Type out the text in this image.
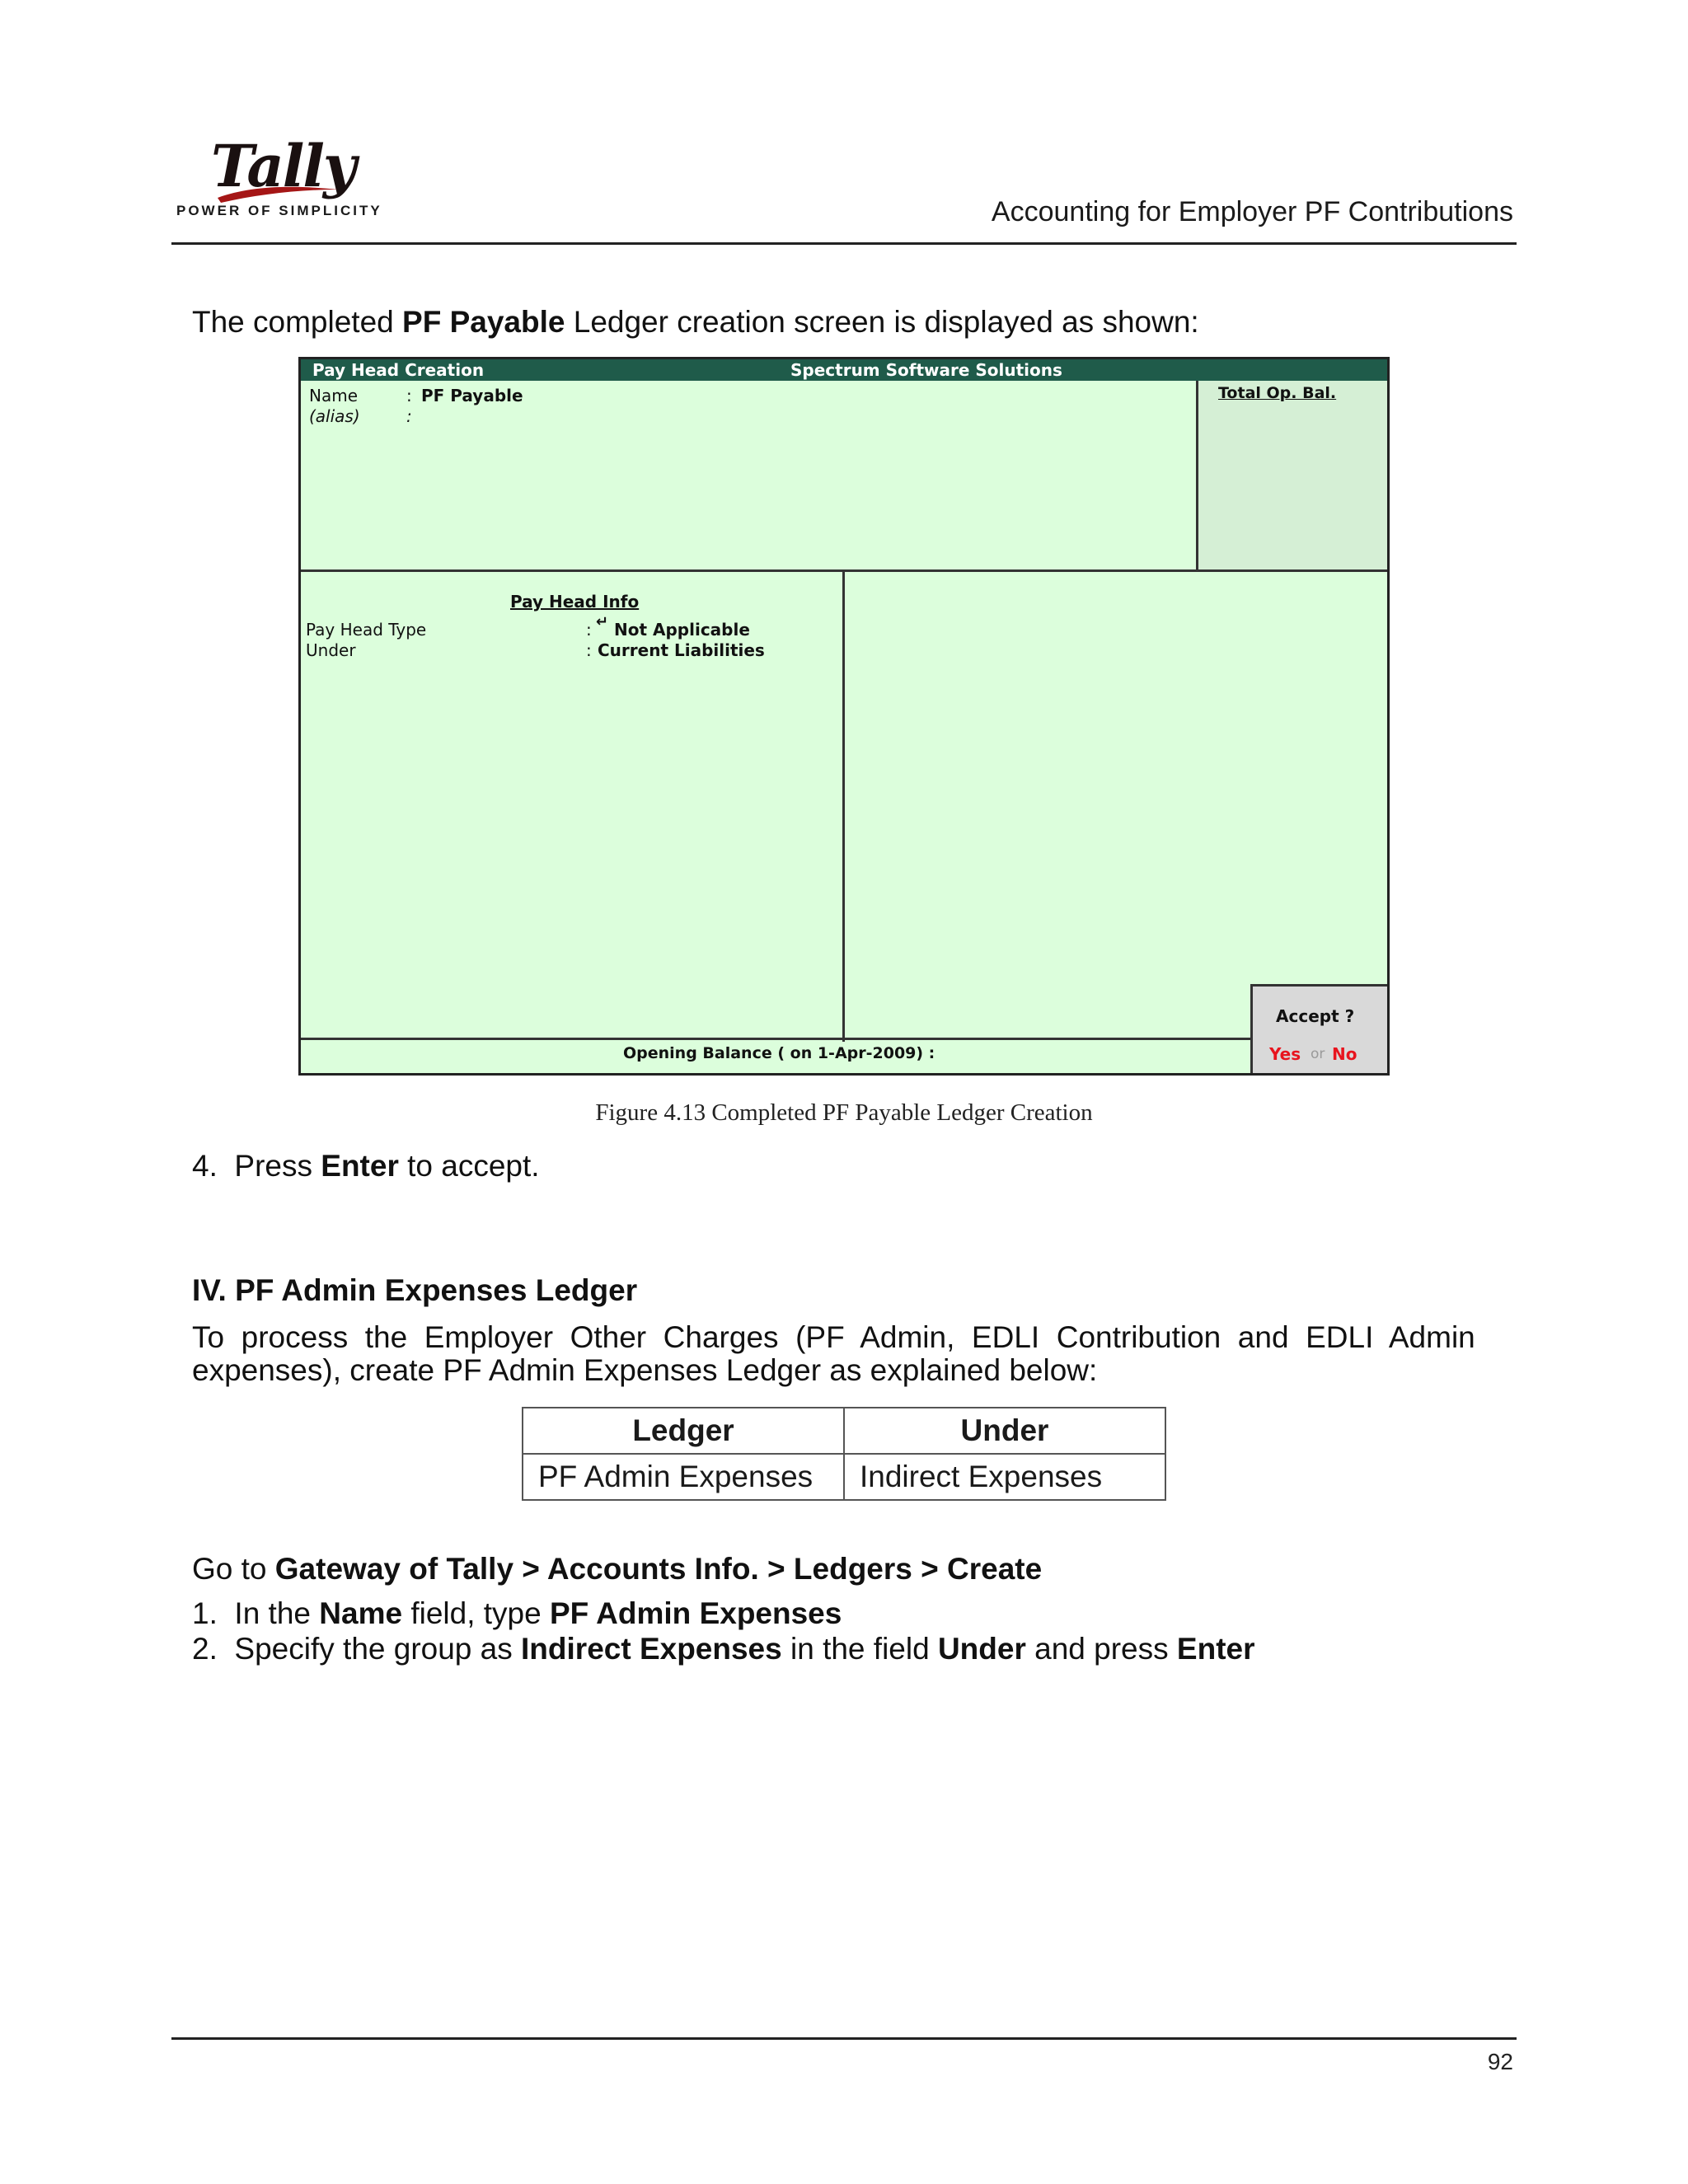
Tally
POWER OF SIMPLICITY	Accounting for Employer PF Contributions
The completed PF Payable Ledger creation screen is displayed as shown:
Pay Head Creation	Spectrum Software Solutions
Name	: PF Payable
(alias)	:
Total Op. Bal.
Pay Head Info
Pay Head Type	: ↵ Not Applicable
Under	: Current Liabilities
Opening Balance ( on 1-Apr-2009) :
Accept ?
Yes or No
Figure 4.13 Completed PF Payable Ledger Creation
4. Press Enter to accept.
IV. PF Admin Expenses Ledger
To  process  the  Employer  Other  Charges  (PF  Admin,  EDLI  Contribution  and  EDLI  Admin
expenses), create PF Admin Expenses Ledger as explained below:
Ledger	Under
PF Admin Expenses	Indirect Expenses
Go to Gateway of Tally > Accounts Info. > Ledgers > Create
1. In the Name field, type PF Admin Expenses
2. Specify the group as Indirect Expenses in the field Under and press Enter
92
